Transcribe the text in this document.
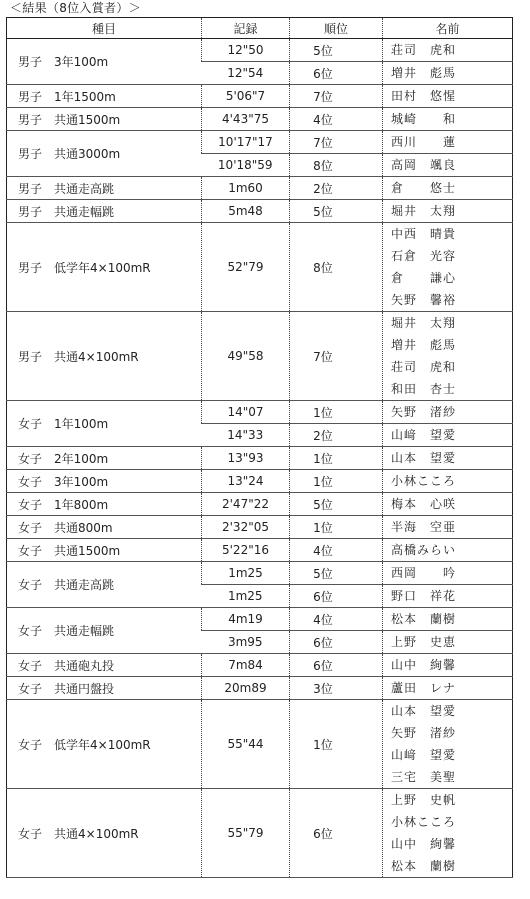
＜結果（8位入賞者）＞
種目	記録	順位	名前
男子　3年100m	12"50	5位	荘司　虎和

	12"54	6位	増井　彪馬

男子　1年1500m	5'06"7	7位	田村　悠惺

男子　共通1500m	4'43"75	4位	城崎　　和

男子　共通3000m	10'17"17	7位	西川　　蓮

	10'18"59	8位	高岡　颯良

男子　共通走高跳	1m60	2位	倉　　悠士

男子　共通走幅跳	5m48	5位	堀井　太翔

男子　低学年4×100mR	52"79	8位	中西　晴貴
石倉　光容
倉　　謙心
矢野　馨裕

男子　共通4×100mR	49"58	7位	堀井　太翔
増井　彪馬
荘司　虎和
和田　杏士

女子　1年100m	14"07	1位	矢野　渚紗

	14"33	2位	山﨑　望愛

女子　2年100m	13"93	1位	山本　望愛

女子　3年100m	13"24	1位	小林こころ

女子　1年800m	2'47"22	5位	梅本　心咲

女子　共通800m	2'32"05	1位	半海　空亜

女子　共通1500m	5'22"16	4位	高橋みらい

女子　共通走高跳	1m25	5位	西岡　　吟

	1m25	6位	野口　祥花

女子　共通走幅跳	4m19	4位	松本　蘭樹

	3m95	6位	上野　史恵

女子　共通砲丸投	7m84	6位	山中　絢馨

女子　共通円盤投	20m89	3位	蘆田　レナ

女子　低学年4×100mR	55"44	1位	山本　望愛
矢野　渚紗
山﨑　望愛
三宅　美聖

女子　共通4×100mR	55"79	6位	上野　史帆
小林こころ
山中　絢馨
松本　蘭樹
